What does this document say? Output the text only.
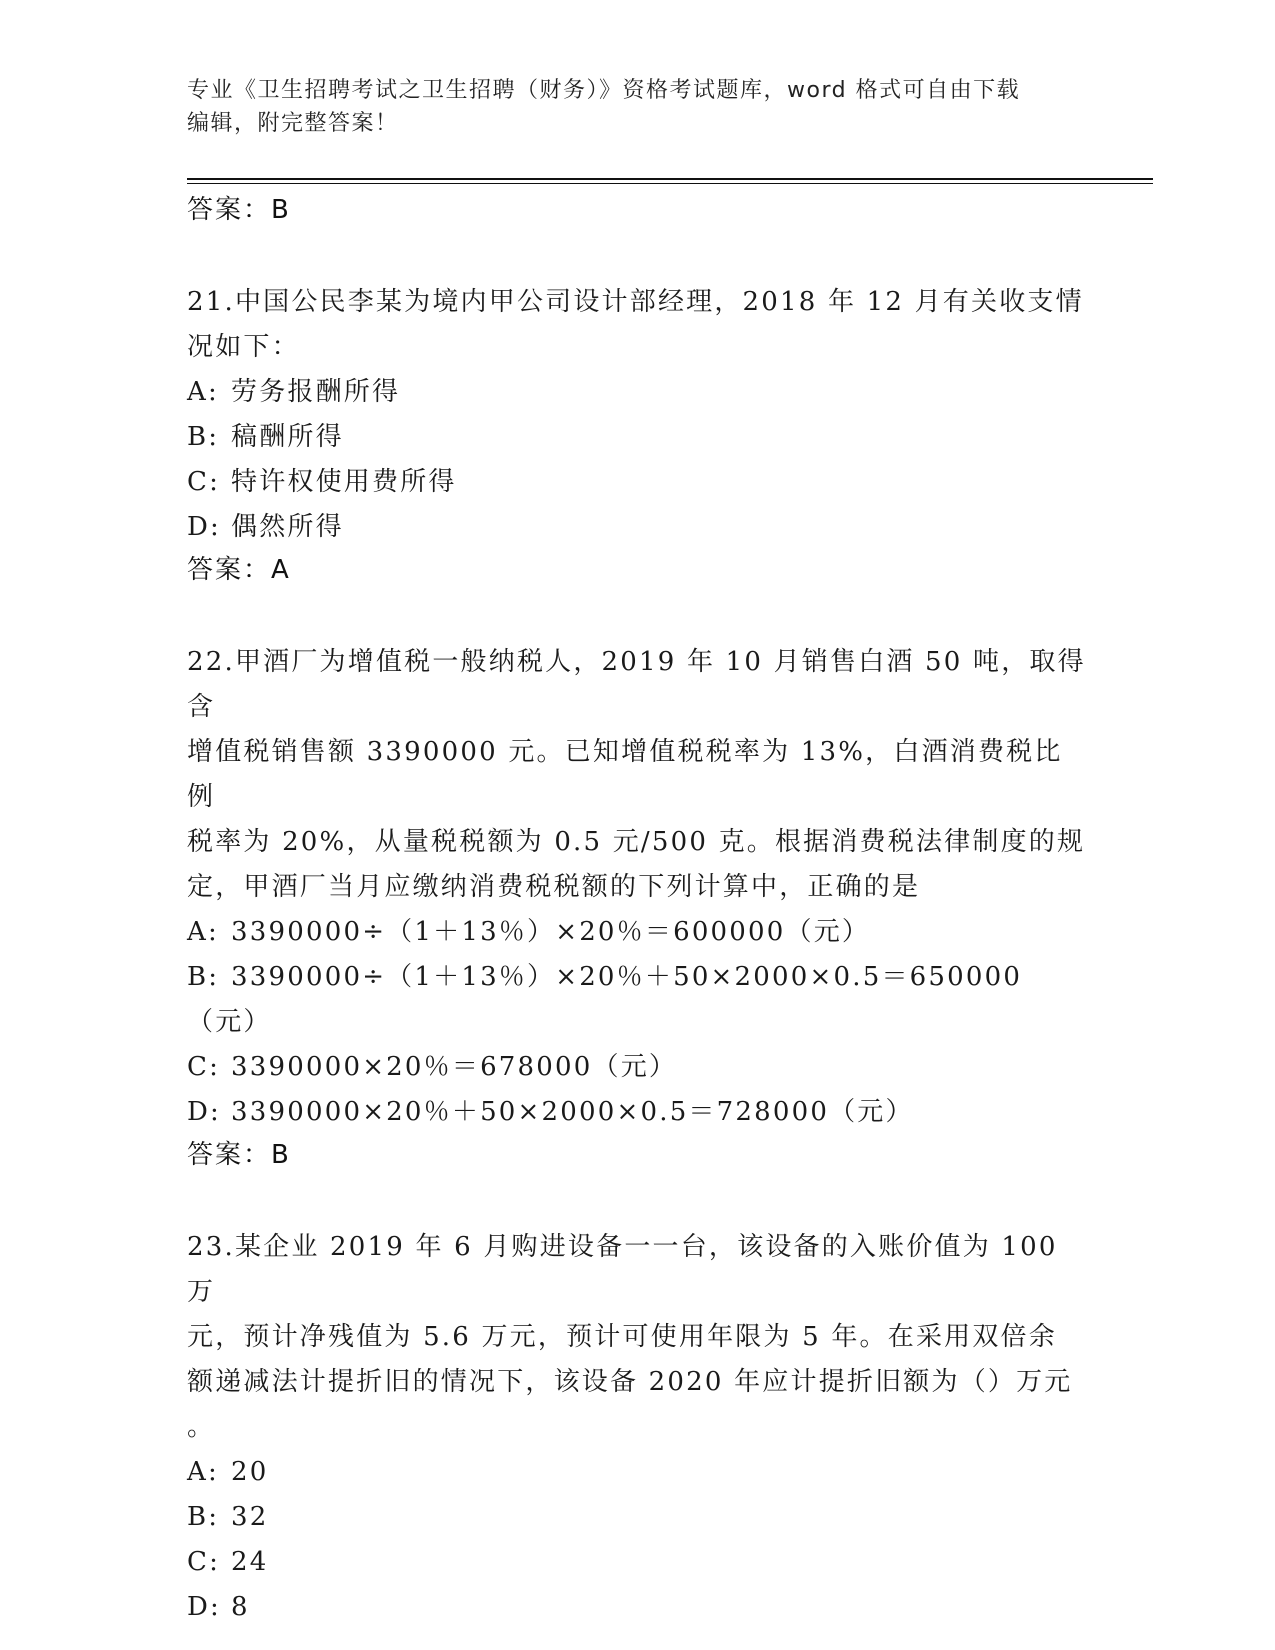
专业《卫生招聘考试之卫生招聘（财务）》资格考试题库，word 格式可自由下载
编辑，附完整答案！

答案：B

21.中国公民李某为境内甲公司设计部经理，2018 年 12 月有关收支情

况如下：

A: 劳务报酬所得

B: 稿酬所得

C: 特许权使用费所得

D: 偶然所得

答案：A

22.甲酒厂为增值税一般纳税人，2019 年 10 月销售白酒 50 吨，取得含

增值税销售额 3390000 元。已知增值税税率为 13%，白酒消费税比例

税率为 20%，从量税税额为 0.5 元/500 克。根据消费税法律制度的规

定，甲酒厂当月应缴纳消费税税额的下列计算中，正确的是

A: 3390000÷（1＋13％）×20％＝600000（元）

B: 3390000÷（1＋13％）×20％＋50×2000×0.5＝650000（元）

C: 3390000×20％＝678000（元）

D: 3390000×20％＋50×2000×0.5＝728000（元）

答案：B

23.某企业 2019 年 6 月购进设备一一台，该设备的入账价值为 100 万

元，预计净残值为 5.6 万元，预计可使用年限为 5 年。在采用双倍余

额递减法计提折旧的情况下，该设备 2020 年应计提折旧额为（）万元

。

A: 20

B: 32

C: 24

D: 8
